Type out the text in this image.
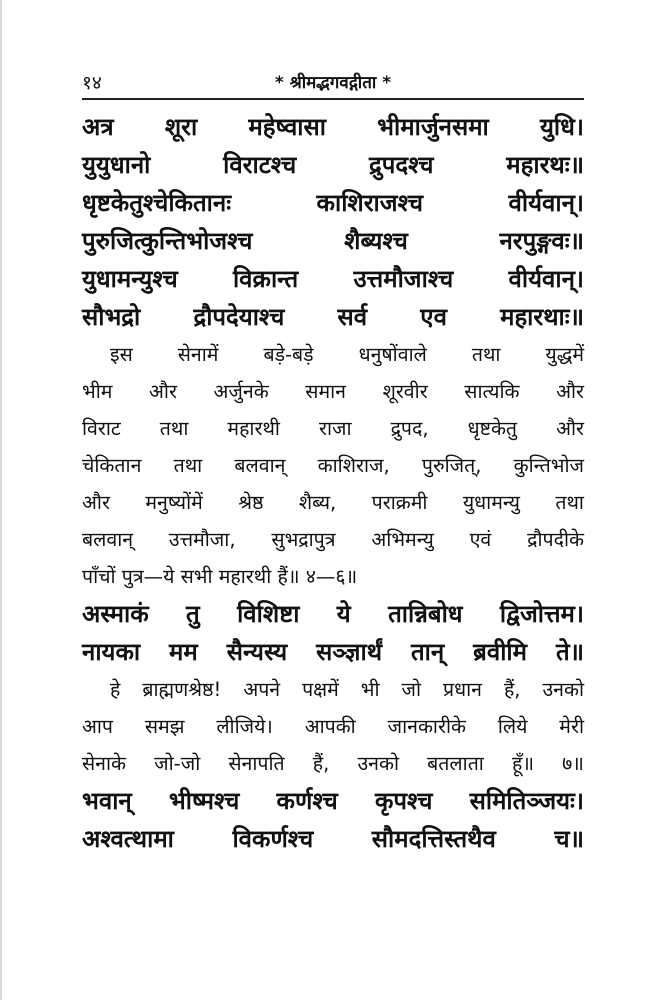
१४	* श्रीमद्भगवद्गीता *
अत्र शूरा महेष्वासा भीमार्जुनसमा युधि।
युयुधानो विराटश्च द्रुपदश्च महारथः॥
धृष्टकेतुश्चेकितानः काशिराजश्च वीर्यवान्।
पुरुजित्कुन्तिभोजश्च शैब्यश्च नरपुङ्गवः॥
युधामन्युश्च विक्रान्त उत्तमौजाश्च वीर्यवान्।
सौभद्रो द्रौपदेयाश्च सर्व एव महारथाः॥
इस सेनामें बड़े-बड़े धनुषोंवाले तथा युद्धमें
भीम और अर्जुनके समान शूरवीर सात्यकि और
विराट तथा महारथी राजा द्रुपद, धृष्टकेतु और
चेकितान तथा बलवान् काशिराज, पुरुजित्, कुन्तिभोज
और मनुष्योंमें श्रेष्ठ शैब्य, पराक्रमी युधामन्यु तथा
बलवान् उत्तमौजा, सुभद्रापुत्र अभिमन्यु एवं द्रौपदीके
पाँचों पुत्र—ये सभी महारथी हैं॥ ४—६॥
अस्माकं तु विशिष्टा ये तान्निबोध द्विजोत्तम।
नायका मम सैन्यस्य सञ्ज्ञार्थं तान् ब्रवीमि ते॥
हे ब्राह्मणश्रेष्ठ! अपने पक्षमें भी जो प्रधान हैं, उनको
आप समझ लीजिये। आपकी जानकारीके लिये मेरी
सेनाके जो-जो सेनापति हैं, उनको बतलाता हूँ॥ ७॥
भवान् भीष्मश्च कर्णश्च कृपश्च समितिञ्जयः।
अश्वत्थामा विकर्णश्च सौमदत्तिस्तथैव च॥
